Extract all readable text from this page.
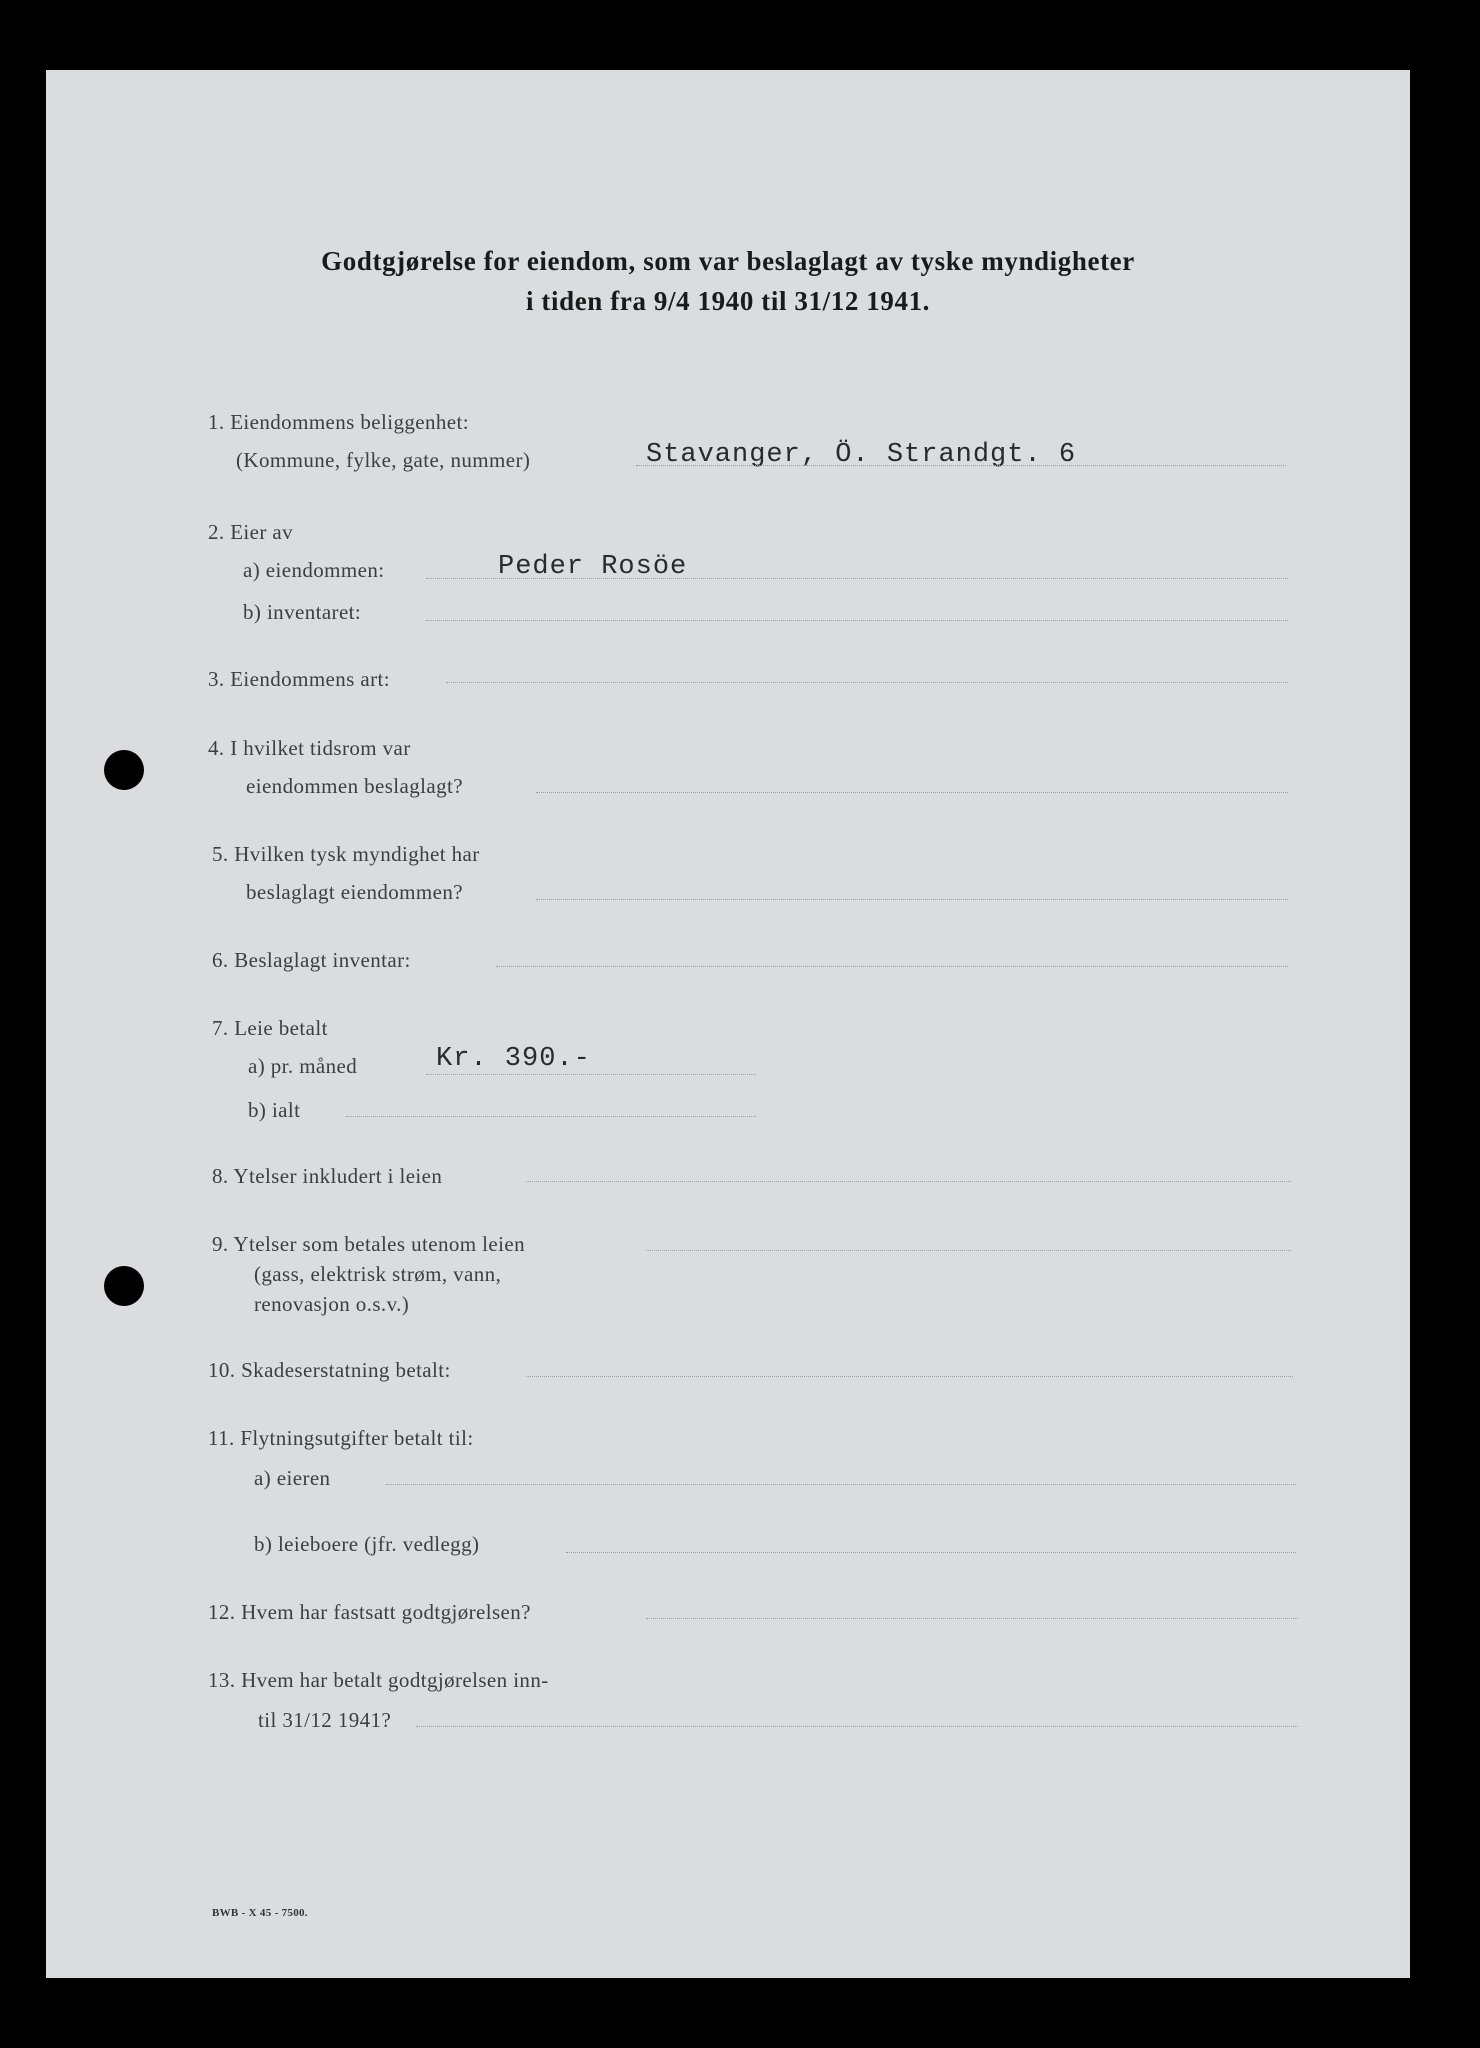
Godtgjørelse for eiendom, som var beslaglagt av tyske myndigheter
i tiden fra 9/4 1940 til 31/12 1941.
1. Eiendommens beliggenhet:
(Kommune, fylke, gate, nummer)	Stavanger, Ö. Strandgt. 6
2. Eier av
a) eiendommen:	Peder Rosöe
b) inventaret:
3. Eiendommens art:
4. I hvilket tidsrom var
eiendommen beslaglagt?
5. Hvilken tysk myndighet har
beslaglagt eiendommen?
6. Beslaglagt inventar:
7. Leie betalt
a) pr. måned	Kr. 390.-
b) ialt
8. Ytelser inkludert i leien
9. Ytelser som betales utenom leien
(gass, elektrisk strøm, vann,
renovasjon o.s.v.)
10. Skadeserstatning betalt:
11. Flytningsutgifter betalt til:
a) eieren
b) leieboere (jfr. vedlegg)
12. Hvem har fastsatt godtgjørelsen?
13. Hvem har betalt godtgjørelsen inn-
til 31/12 1941?
BWB - X 45 - 7500.
